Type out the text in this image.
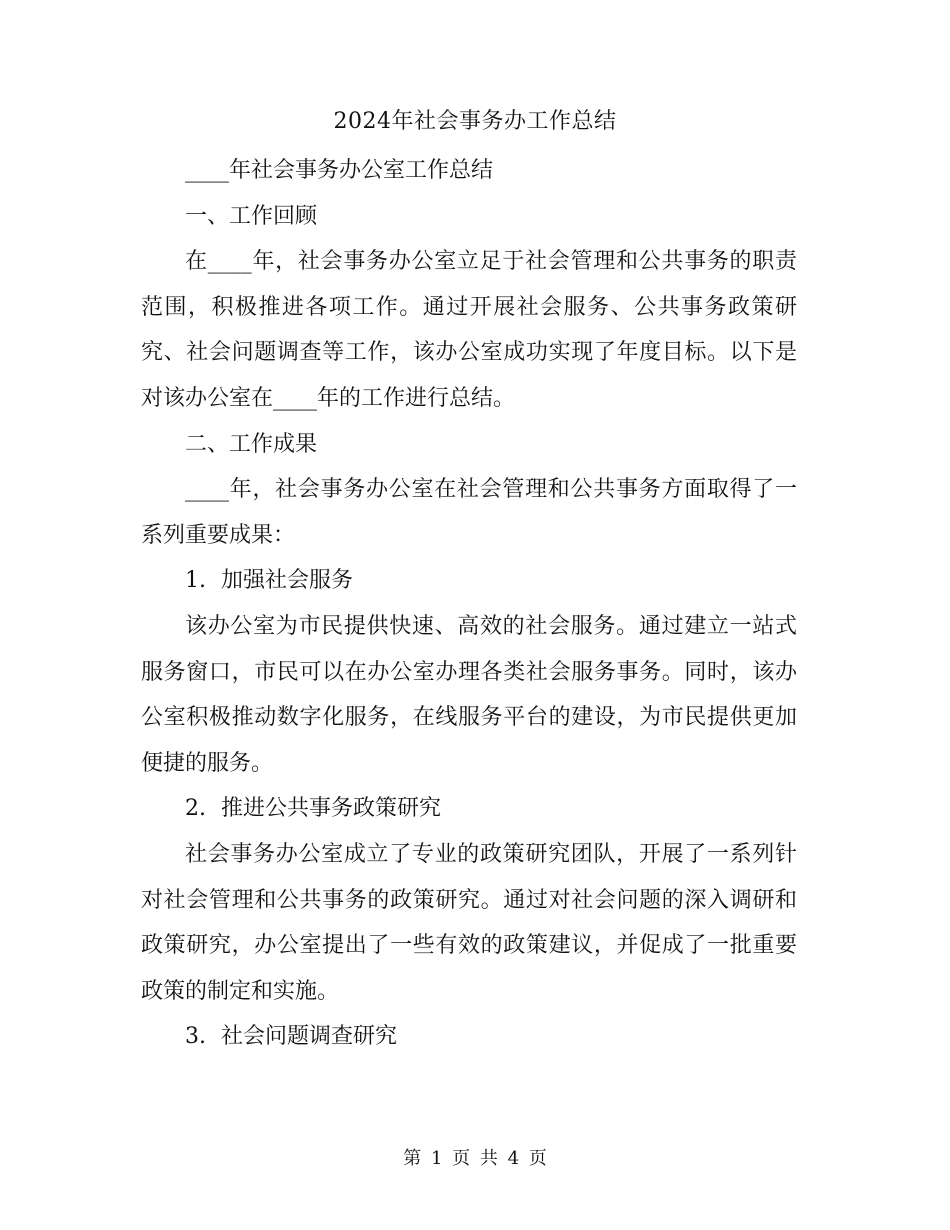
2024年社会事务办工作总结

____年社会事务办公室工作总结

一、工作回顾

在____年，社会事务办公室立足于社会管理和公共事务的职责范围，积极推进各项工作。通过开展社会服务、公共事务政策研究、社会问题调查等工作，该办公室成功实现了年度目标。以下是对该办公室在____年的工作进行总结。

二、工作成果

____年，社会事务办公室在社会管理和公共事务方面取得了一系列重要成果：

1. 加强社会服务

该办公室为市民提供快速、高效的社会服务。通过建立一站式服务窗口，市民可以在办公室办理各类社会服务事务。同时，该办公室积极推动数字化服务，在线服务平台的建设，为市民提供更加便捷的服务。

2. 推进公共事务政策研究

社会事务办公室成立了专业的政策研究团队，开展了一系列针对社会管理和公共事务的政策研究。通过对社会问题的深入调研和政策研究，办公室提出了一些有效的政策建议，并促成了一批重要政策的制定和实施。

3. 社会问题调查研究

第 1 页 共 4 页
